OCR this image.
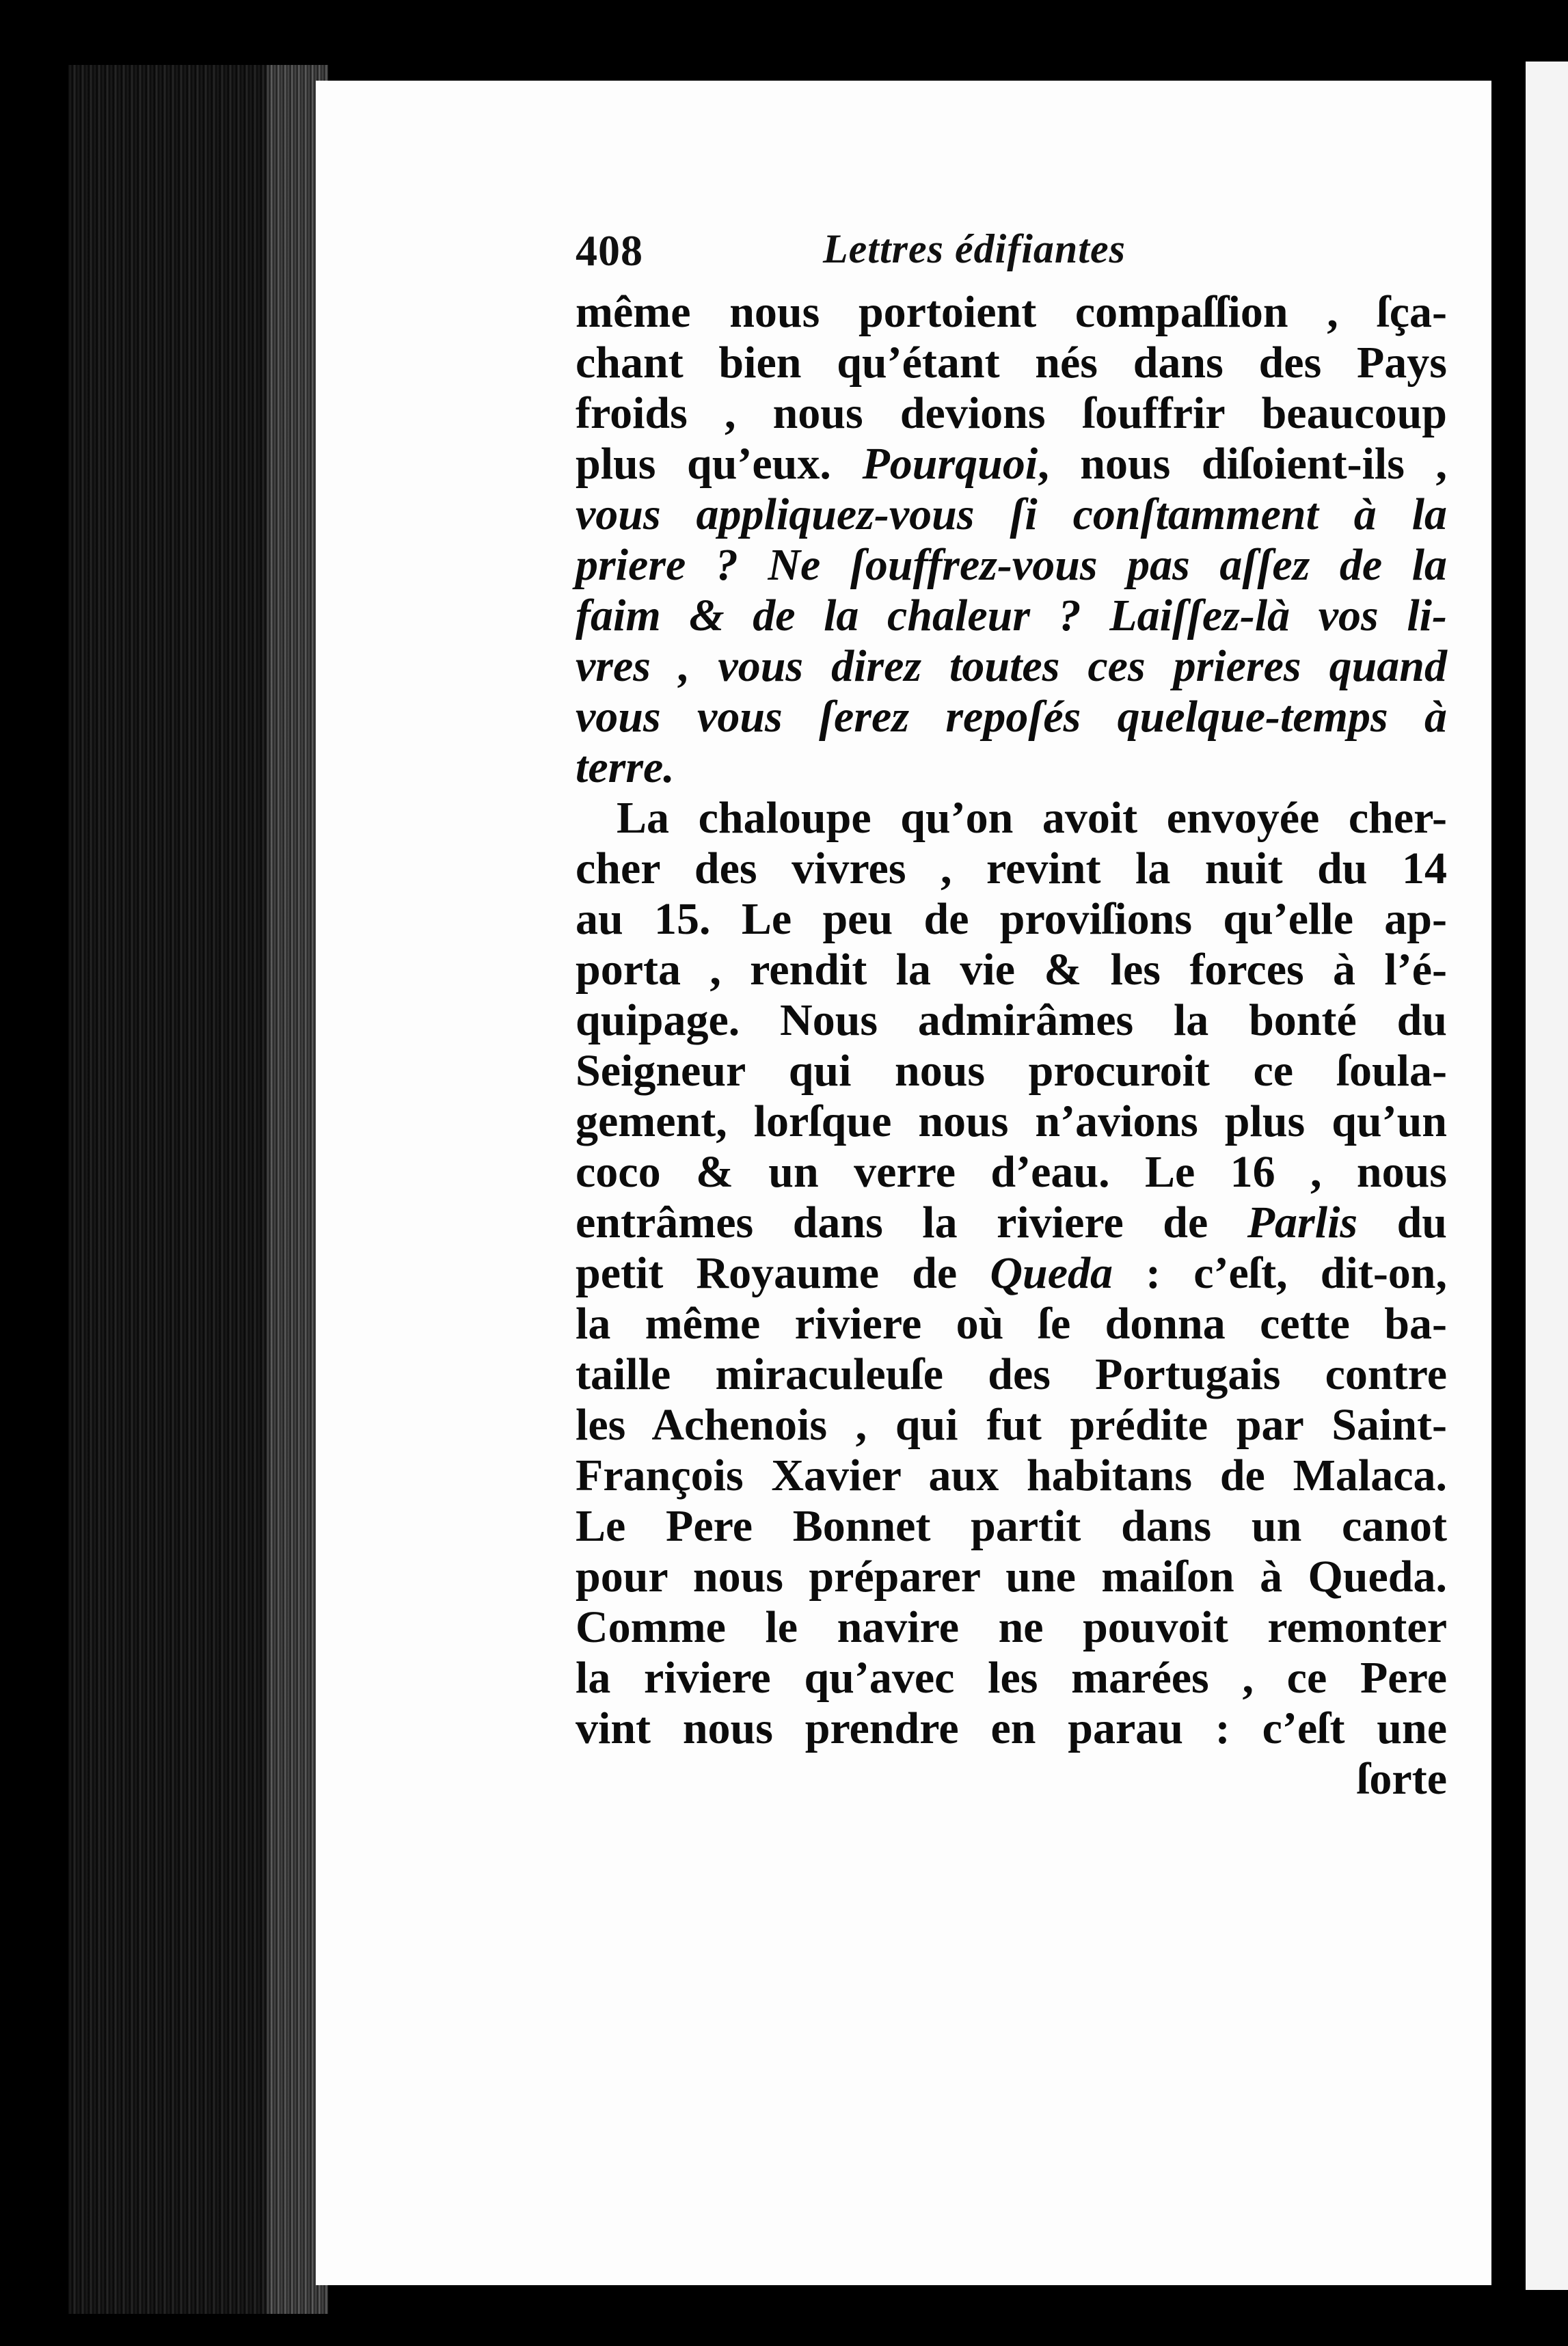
408	Lettres édifiantes
même nous portoient compaſſion , ſça-
chant bien qu’étant nés dans des Pays
froids , nous devions ſouffrir beaucoup
plus qu’eux. Pourquoi, nous diſoient-ils ,
vous appliquez-vous ſi conſtamment à la
priere ? Ne ſouffrez-vous pas aſſez de la
faim & de la chaleur ? Laiſſez-là vos li-
vres , vous direz toutes ces prieres quand
vous vous ſerez repoſés quelque-temps à
terre.
La chaloupe qu’on avoit envoyée cher-
cher des vivres , revint la nuit du 14
au 15. Le peu de proviſions qu’elle ap-
porta , rendit la vie & les forces à l’é-
quipage. Nous admirâmes la bonté du
Seigneur qui nous procuroit ce ſoula-
gement, lorſque nous n’avions plus qu’un
coco & un verre d’eau. Le 16 , nous
entrâmes dans la riviere de Parlis du
petit Royaume de Queda : c’eſt, dit-on,
la même riviere où ſe donna cette ba-
taille miraculeuſe des Portugais contre
les Achenois , qui fut prédite par Saint-
François Xavier aux habitans de Malaca.
Le Pere Bonnet partit dans un canot
pour nous préparer une maiſon à Queda.
Comme le navire ne pouvoit remonter
la riviere qu’avec les marées , ce Pere
vint nous prendre en parau : c’eſt une
ſorte
